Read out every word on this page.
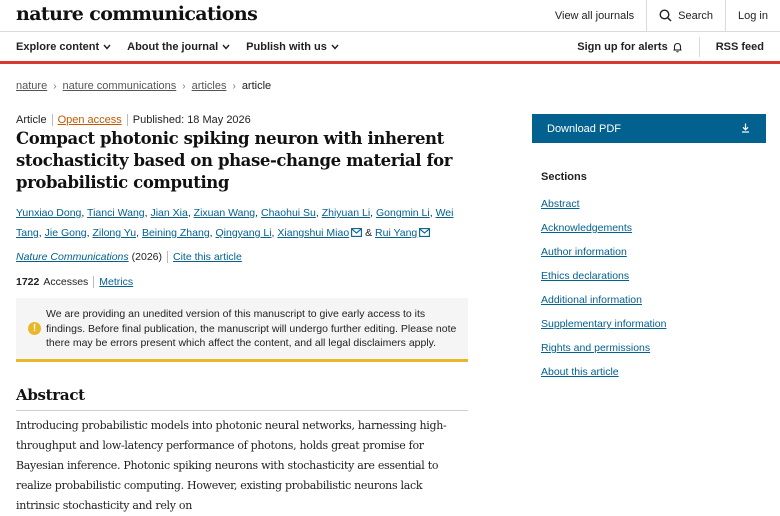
nature communications	View all journals	Search Log in
Explore content	About the journal	Publish with us	Sign up for alerts	RSS feed
nature › nature communications › articles › article
Article	Open access	Published: 18 May 2026
Compact photonic spiking neuron with inherent stochasticity based on phase-change material for probabilistic computing
Yunxiao Dong, Tianci Wang, Jian Xia, Zixuan Wang, Chaohui Su, Zhiyuan Li, Gongmin Li, Wei Tang, Jie Gong, Zilong Yu, Beining Zhang, Qingyang Li, Xiangshui Miao & Rui Yang
Nature Communications (2026)	Cite this article
1722 Accesses	Metrics
!

We are providing an unedited version of this manuscript to give early access to its findings. Before final publication, the manuscript will undergo further editing. Please note there may be errors present which affect the content, and all legal disclaimers apply.

Abstract

Introducing probabilistic models into photonic neural networks, harnessing high-throughput and low-latency performance of photons, holds great promise for Bayesian inference. Photonic spiking neurons with stochasticity are essential to realize probabilistic computing. However, existing probabilistic neurons lack intrinsic stochasticity and rely on

Download PDF
Sections
Abstract
Acknowledgements
Author information
Ethics declarations
Additional information
Supplementary information
Rights and permissions
About this article
